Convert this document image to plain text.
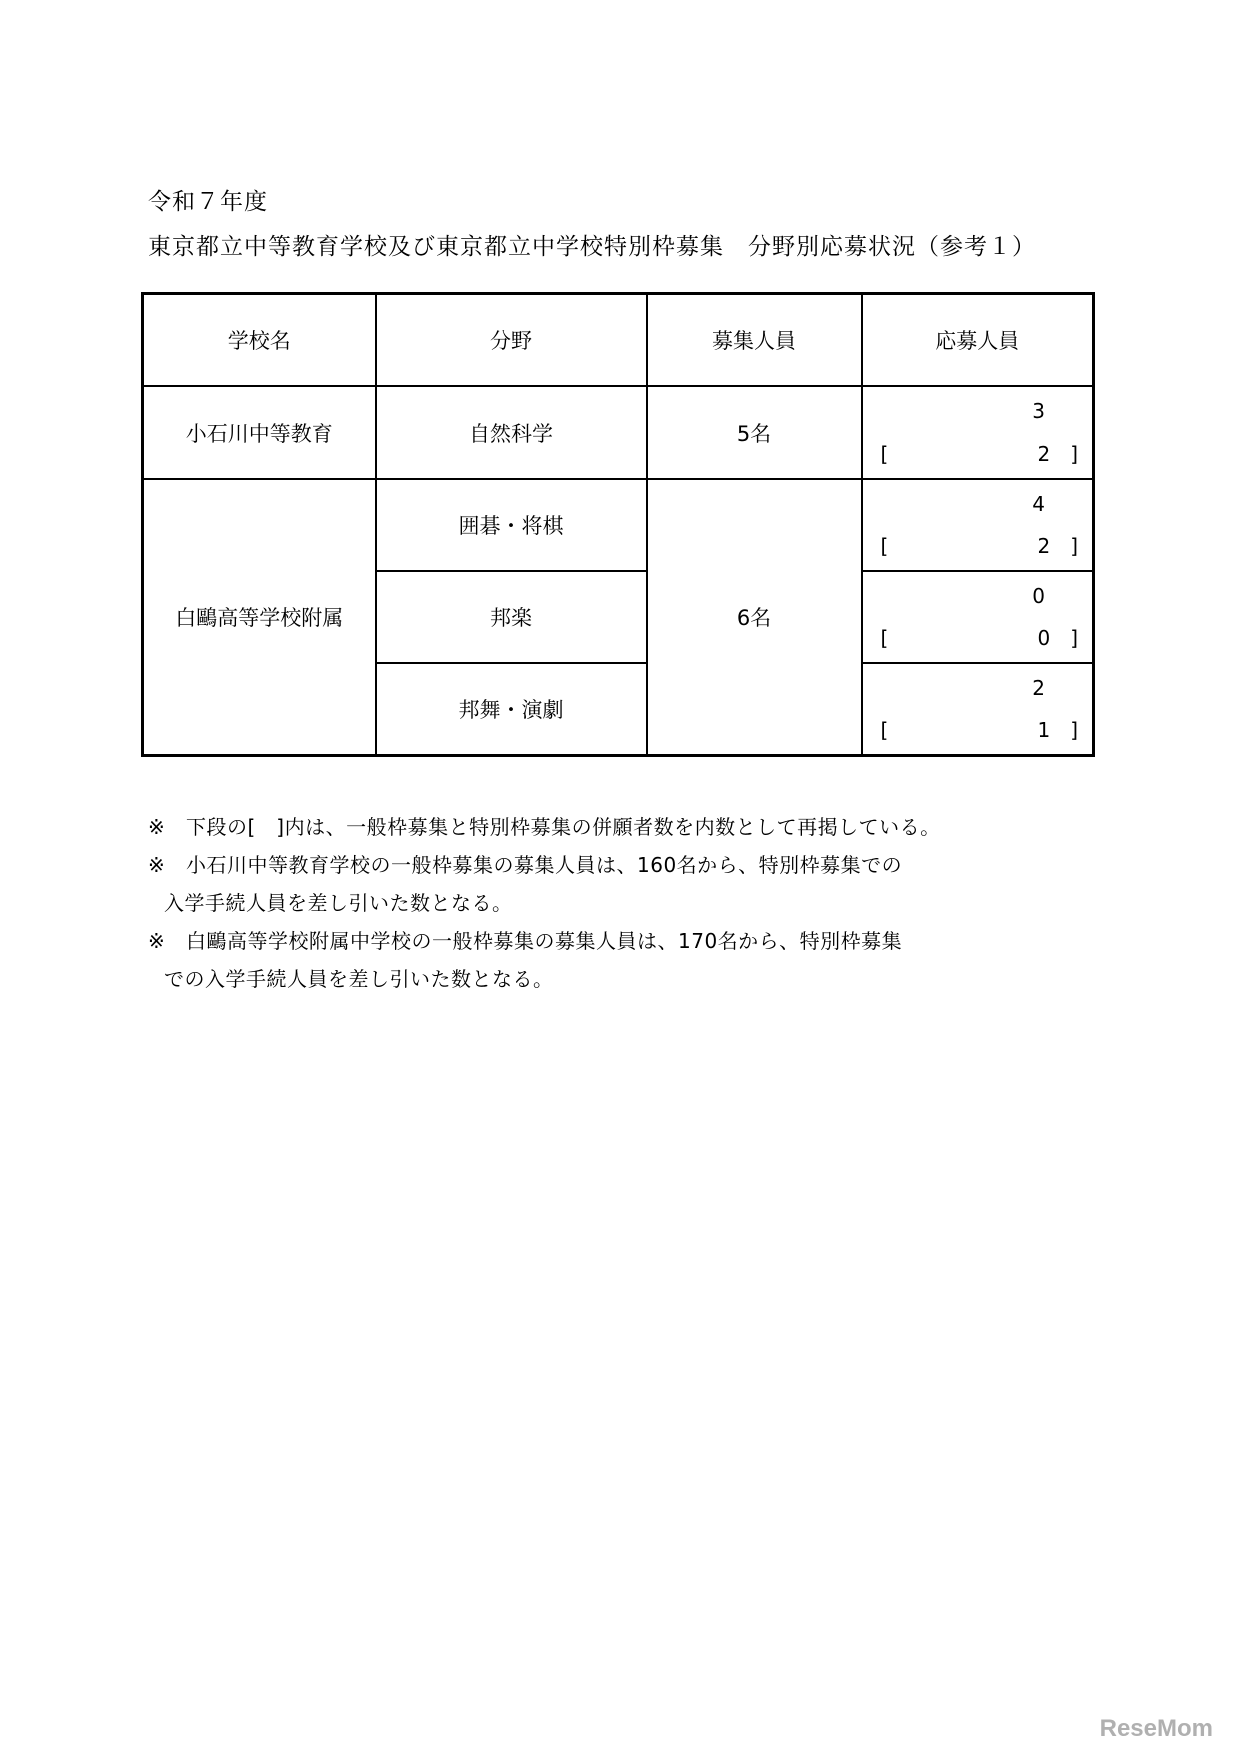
令和７年度
東京都立中等教育学校及び東京都立中学校特別枠募集　分野別応募状況（参考１）
学校名	分野	募集人員	応募人員
小石川中等教育	自然科学	5名	3
[ 2 ]

白鷗高等学校附属	囲碁・将棋	6名	4
[ 2 ]

	邦楽		0
[ 0 ]

	邦舞・演劇		2
[ 1 ]
※ 下段の[　]内は、一般枠募集と特別枠募集の併願者数を内数として再掲している。
※ 小石川中等教育学校の一般枠募集の募集人員は、160名から、特別枠募集での
入学手続人員を差し引いた数となる。
※ 白鷗高等学校附属中学校の一般枠募集の募集人員は、170名から、特別枠募集
での入学手続人員を差し引いた数となる。
ReseMom
